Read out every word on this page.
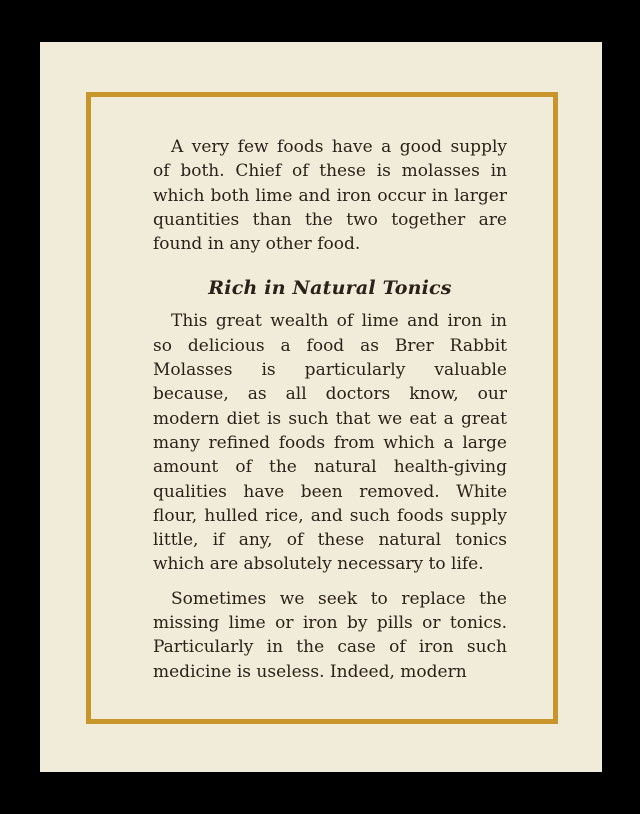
A very few foods have a good supply of both. Chief of these is molasses in which both lime and iron occur in larger quantities than the two together are found in any other food.

Rich in Natural Tonics

This great wealth of lime and iron in so delicious a food as Brer Rabbit Molasses is particularly valuable because, as all doctors know, our modern diet is such that we eat a great many refined foods from which a large amount of the natural health-giving qualities have been removed. White flour, hulled rice, and such foods supply little, if any, of these natural tonics which are absolutely necessary to life.

Sometimes we seek to replace the missing lime or iron by pills or tonics. Particularly in the case of iron such medicine is useless. Indeed, modern
